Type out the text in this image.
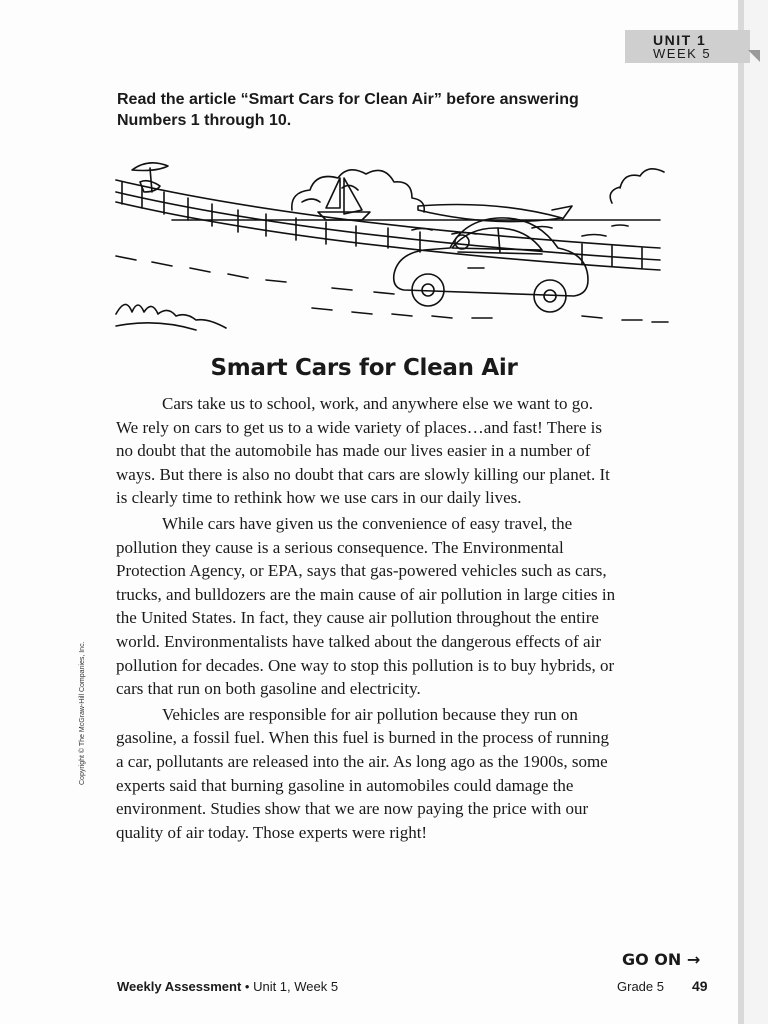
UNIT 1
WEEK 5
Read the article “Smart Cars for Clean Air” before answering Numbers 1 through 10.
Smart Cars for Clean Air

Cars take us to school, work, and anywhere else we want to go. We rely on cars to get us to a wide variety of places…and fast! There is no doubt that the automobile has made our lives easier in a number of ways. But there is also no doubt that cars are slowly killing our planet. It is clearly time to rethink how we use cars in our daily lives.

While cars have given us the convenience of easy travel, the pollution they cause is a serious consequence. The Environmental Protection Agency, or EPA, says that gas-powered vehicles such as cars, trucks, and bulldozers are the main cause of air pollution in large cities in the United States. In fact, they cause air pollution throughout the entire world. Environmentalists have talked about the dangerous effects of air pollution for decades. One way to stop this pollution is to buy hybrids, or cars that run on both gasoline and electricity.

Vehicles are responsible for air pollution because they run on gasoline, a fossil fuel. When this fuel is burned in the process of running a car, pollutants are released into the air. As long ago as the 1900s, some experts said that burning gasoline in automobiles could damage the environment. Studies show that we are now paying the price with our quality of air today. Those experts were right!

Copyright © The McGraw-Hill Companies, Inc.
GO ON →
Weekly Assessment • Unit 1, Week 5	Grade 5 49
